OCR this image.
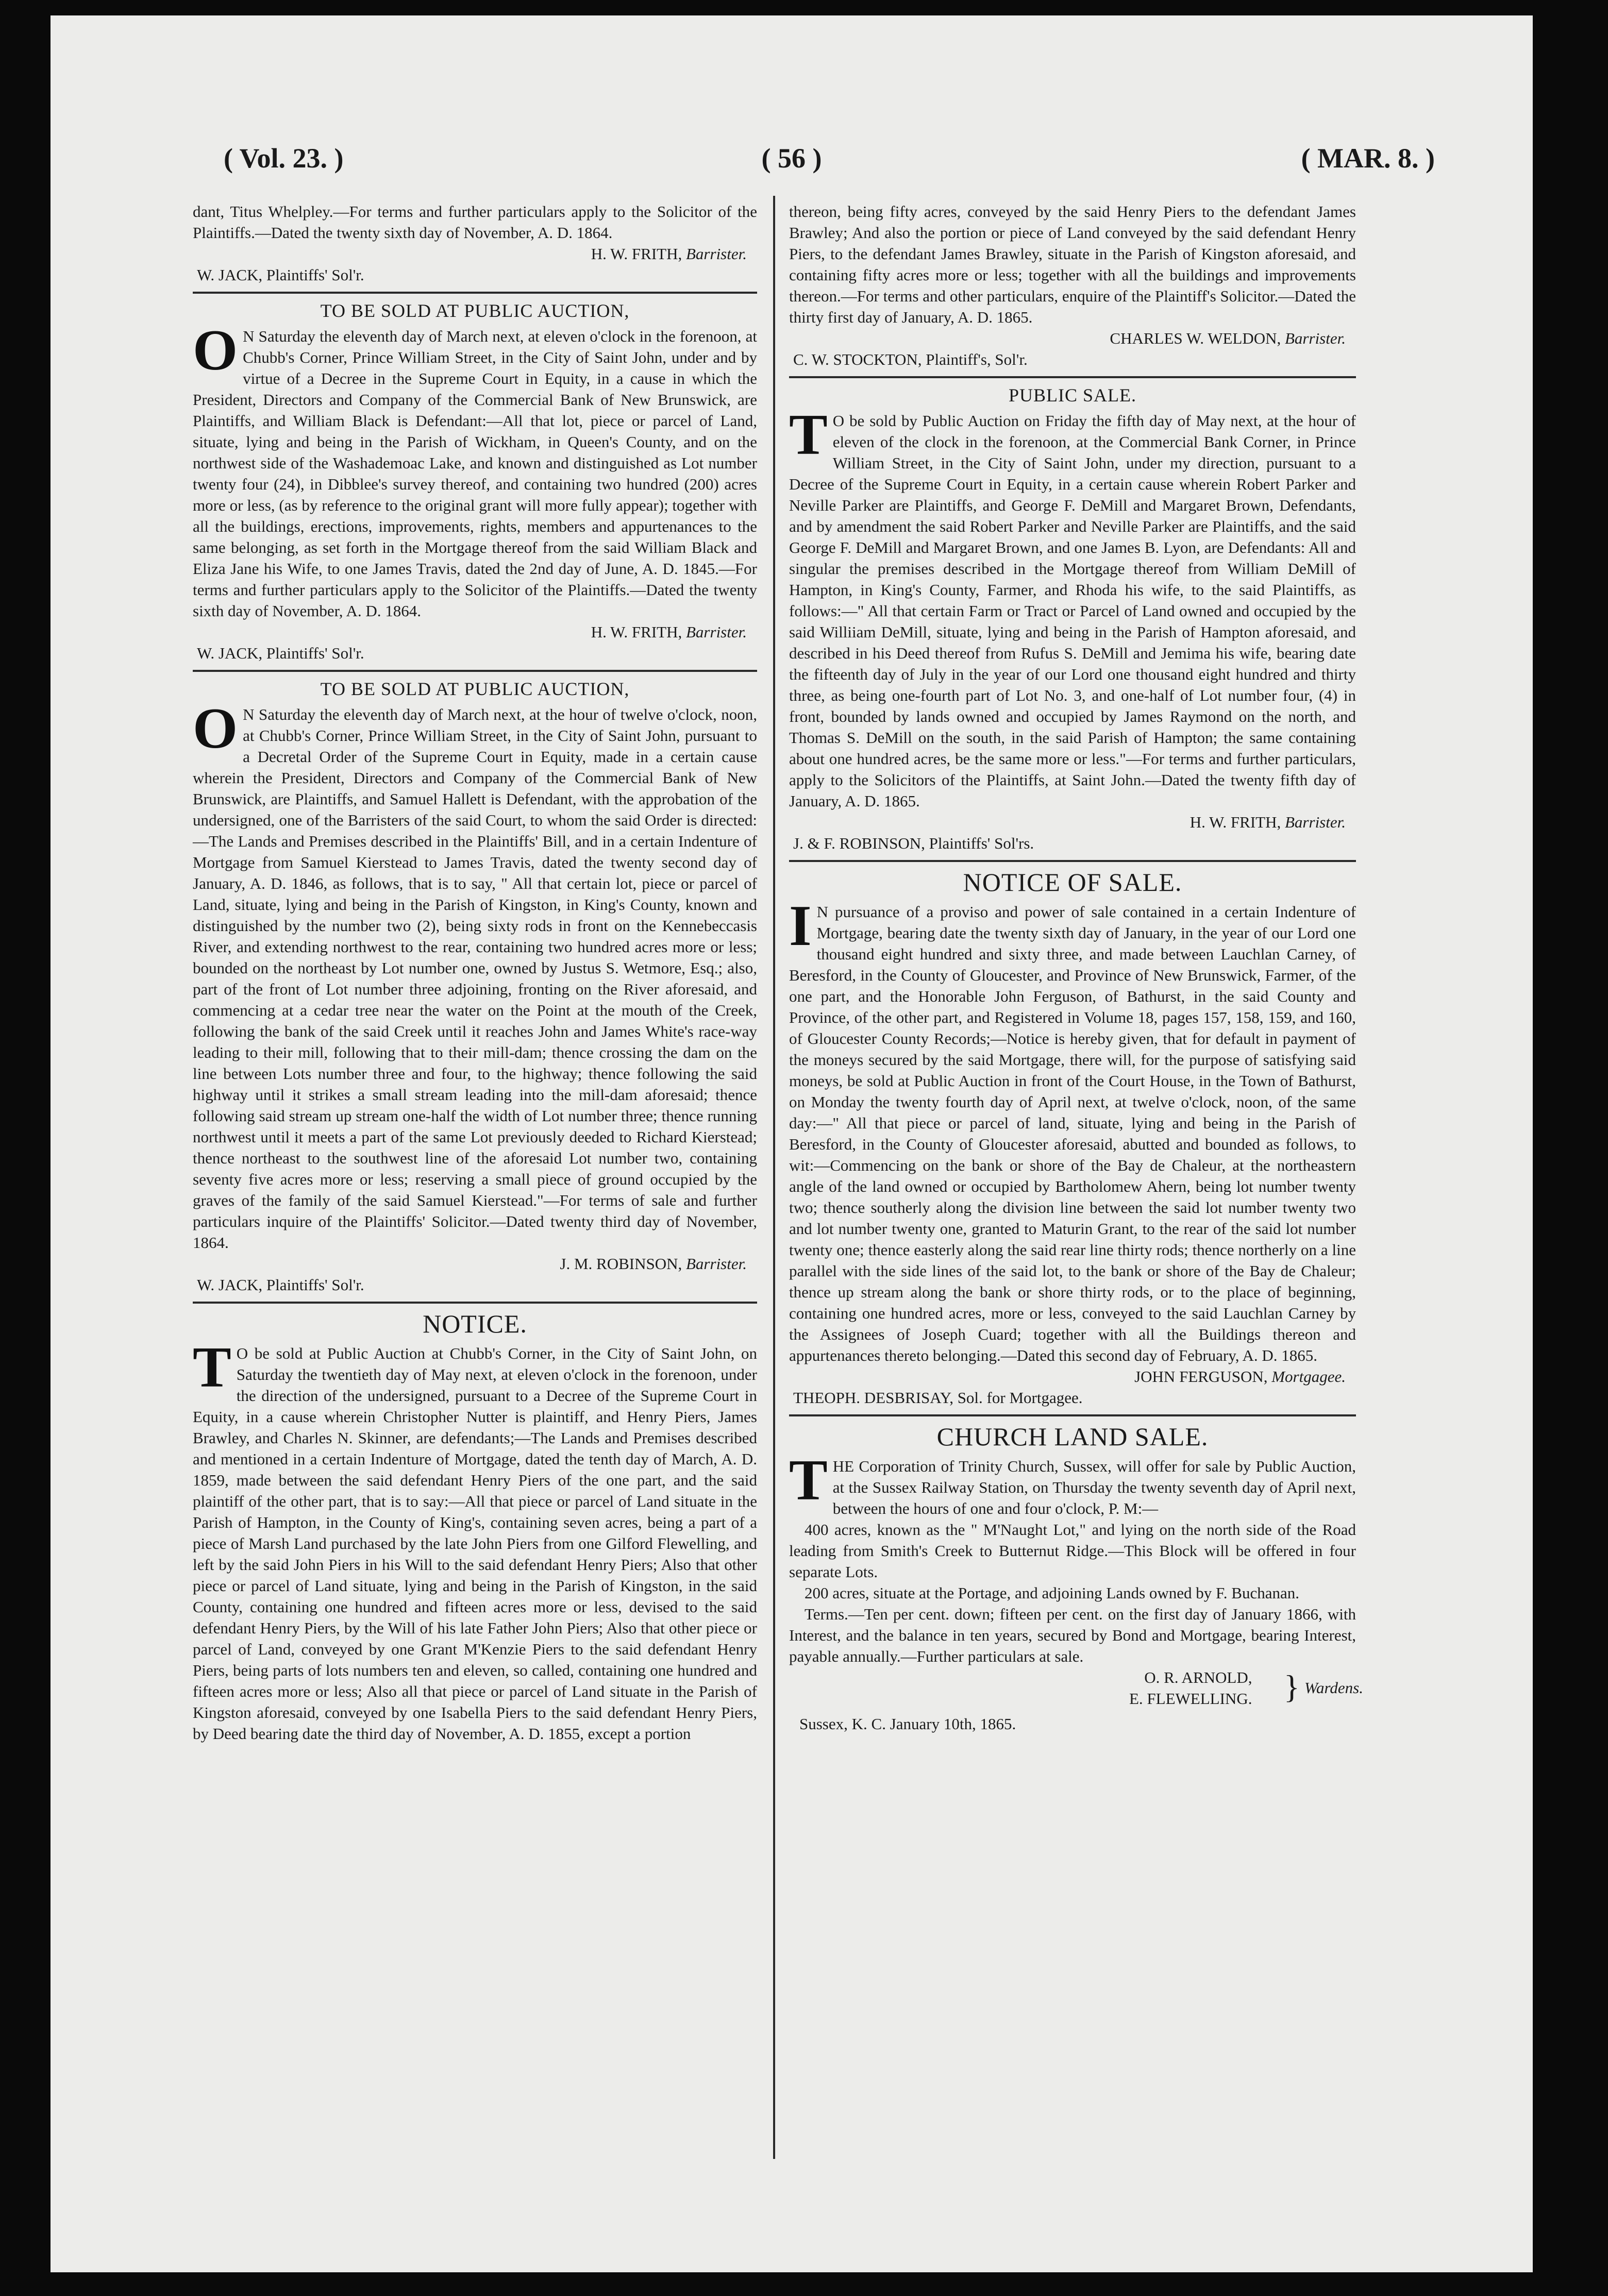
( Vol. 23. )	( 56 )	( MAR. 8. )

dant, Titus Whelpley.—For terms and further particulars apply to the Solicitor of the Plaintiffs.—Dated the twenty sixth day of November, A. D. 1864.

H. W. FRITH, Barrister.
W. JACK, Plaintiffs' Sol'r.
TO BE SOLD AT PUBLIC AUCTION,
O N Saturday the eleventh day of March next, at eleven o'clock in the forenoon, at Chubb's Corner, Prince William Street, in the City of Saint John, under and by virtue of a Decree in the Supreme Court in Equity, in a cause in which the President, Directors and Company of the Commercial Bank of New Brunswick, are Plaintiffs, and William Black is Defendant:—All that lot, piece or parcel of Land, situate, lying and being in the Parish of Wickham, in Queen's County, and on the northwest side of the Washademoac Lake, and known and distinguished as Lot number twenty four (24), in Dibblee's survey thereof, and containing two hundred (200) acres more or less, (as by reference to the original grant will more fully appear); together with all the buildings, erections, improvements, rights, members and appurtenances to the same belonging, as set forth in the Mortgage thereof from the said William Black and Eliza Jane his Wife, to one James Travis, dated the 2nd day of June, A. D. 1845.—For terms and further particulars apply to the Solicitor of the Plaintiffs.—Dated the twenty sixth day of November, A. D. 1864.

H. W. FRITH, Barrister.
W. JACK, Plaintiffs' Sol'r.
TO BE SOLD AT PUBLIC AUCTION,
O N Saturday the eleventh day of March next, at the hour of twelve o'clock, noon, at Chubb's Corner, Prince William Street, in the City of Saint John, pursuant to a Decretal Order of the Supreme Court in Equity, made in a certain cause wherein the President, Directors and Company of the Commercial Bank of New Brunswick, are Plaintiffs, and Samuel Hallett is Defendant, with the approbation of the undersigned, one of the Barristers of the said Court, to whom the said Order is directed:—The Lands and Premises described in the Plaintiffs' Bill, and in a certain Indenture of Mortgage from Samuel Kierstead to James Travis, dated the twenty second day of January, A. D. 1846, as follows, that is to say, " All that certain lot, piece or parcel of Land, situate, lying and being in the Parish of Kingston, in King's County, known and distinguished by the number two (2), being sixty rods in front on the Kennebeccasis River, and extending northwest to the rear, containing two hundred acres more or less; bounded on the northeast by Lot number one, owned by Justus S. Wetmore, Esq.; also, part of the front of Lot number three adjoining, fronting on the River aforesaid, and commencing at a cedar tree near the water on the Point at the mouth of the Creek, following the bank of the said Creek until it reaches John and James White's race-way leading to their mill, following that to their mill-dam; thence crossing the dam on the line between Lots number three and four, to the highway; thence following the said highway until it strikes a small stream leading into the mill-dam aforesaid; thence following said stream up stream one-half the width of Lot number three; thence running northwest until it meets a part of the same Lot previously deeded to Richard Kierstead; thence northeast to the southwest line of the aforesaid Lot number two, containing seventy five acres more or less; reserving a small piece of ground occupied by the graves of the family of the said Samuel Kierstead."—For terms of sale and further particulars inquire of the Plaintiffs' Solicitor.—Dated twenty third day of November, 1864.

J. M. ROBINSON, Barrister.
W. JACK, Plaintiffs' Sol'r.
NOTICE.
T O be sold at Public Auction at Chubb's Corner, in the City of Saint John, on Saturday the twentieth day of May next, at eleven o'clock in the forenoon, under the direction of the undersigned, pursuant to a Decree of the Supreme Court in Equity, in a cause wherein Christopher Nutter is plaintiff, and Henry Piers, James Brawley, and Charles N. Skinner, are defendants;—The Lands and Premises described and mentioned in a certain Indenture of Mortgage, dated the tenth day of March, A. D. 1859, made between the said defendant Henry Piers of the one part, and the said plaintiff of the other part, that is to say:—All that piece or parcel of Land situate in the Parish of Hampton, in the County of King's, containing seven acres, being a part of a piece of Marsh Land purchased by the late John Piers from one Gilford Flewelling, and left by the said John Piers in his Will to the said defendant Henry Piers; Also that other piece or parcel of Land situate, lying and being in the Parish of Kingston, in the said County, containing one hundred and fifteen acres more or less, devised to the said defendant Henry Piers, by the Will of his late Father John Piers; Also that other piece or parcel of Land, conveyed by one Grant M'Kenzie Piers to the said defendant Henry Piers, being parts of lots numbers ten and eleven, so called, containing one hundred and fifteen acres more or less; Also all that piece or parcel of Land situate in the Parish of Kingston aforesaid, conveyed by one Isabella Piers to the said defendant Henry Piers, by Deed bearing date the third day of November, A. D. 1855, except a portion

thereon, being fifty acres, conveyed by the said Henry Piers to the defendant James Brawley; And also the portion or piece of Land conveyed by the said defendant Henry Piers, to the defendant James Brawley, situate in the Parish of Kingston aforesaid, and containing fifty acres more or less; together with all the buildings and improvements thereon.—For terms and other particulars, enquire of the Plaintiff's Solicitor.—Dated the thirty first day of January, A. D. 1865.

CHARLES W. WELDON, Barrister.
C. W. STOCKTON, Plaintiff's, Sol'r.
PUBLIC SALE.
T O be sold by Public Auction on Friday the fifth day of May next, at the hour of eleven of the clock in the forenoon, at the Commercial Bank Corner, in Prince William Street, in the City of Saint John, under my direction, pursuant to a Decree of the Supreme Court in Equity, in a certain cause wherein Robert Parker and Neville Parker are Plaintiffs, and George F. DeMill and Margaret Brown, Defendants, and by amendment the said Robert Parker and Neville Parker are Plaintiffs, and the said George F. DeMill and Margaret Brown, and one James B. Lyon, are Defendants: All and singular the premises described in the Mortgage thereof from William DeMill of Hampton, in King's County, Farmer, and Rhoda his wife, to the said Plaintiffs, as follows:—" All that certain Farm or Tract or Parcel of Land owned and occupied by the said Williiam DeMill, situate, lying and being in the Parish of Hampton aforesaid, and described in his Deed thereof from Rufus S. DeMill and Jemima his wife, bearing date the fifteenth day of July in the year of our Lord one thousand eight hundred and thirty three, as being one-fourth part of Lot No. 3, and one-half of Lot number four, (4) in front, bounded by lands owned and occupied by James Raymond on the north, and Thomas S. DeMill on the south, in the said Parish of Hampton; the same containing about one hundred acres, be the same more or less."—For terms and further particulars, apply to the Solicitors of the Plaintiffs, at Saint John.—Dated the twenty fifth day of January, A. D. 1865.

H. W. FRITH, Barrister.
J. & F. ROBINSON, Plaintiffs' Sol'rs.
NOTICE OF SALE.
I N pursuance of a proviso and power of sale contained in a certain Indenture of Mortgage, bearing date the twenty sixth day of January, in the year of our Lord one thousand eight hundred and sixty three, and made between Lauchlan Carney, of Beresford, in the County of Gloucester, and Province of New Brunswick, Farmer, of the one part, and the Honorable John Ferguson, of Bathurst, in the said County and Province, of the other part, and Registered in Volume 18, pages 157, 158, 159, and 160, of Gloucester County Records;—Notice is hereby given, that for default in payment of the moneys secured by the said Mortgage, there will, for the purpose of satisfying said moneys, be sold at Public Auction in front of the Court House, in the Town of Bathurst, on Monday the twenty fourth day of April next, at twelve o'clock, noon, of the same day:—" All that piece or parcel of land, situate, lying and being in the Parish of Beresford, in the County of Gloucester aforesaid, abutted and bounded as follows, to wit:—Commencing on the bank or shore of the Bay de Chaleur, at the northeastern angle of the land owned or occupied by Bartholomew Ahern, being lot number twenty two; thence southerly along the division line between the said lot number twenty two and lot number twenty one, granted to Maturin Grant, to the rear of the said lot number twenty one; thence easterly along the said rear line thirty rods; thence northerly on a line parallel with the side lines of the said lot, to the bank or shore of the Bay de Chaleur; thence up stream along the bank or shore thirty rods, or to the place of beginning, containing one hundred acres, more or less, conveyed to the said Lauchlan Carney by the Assignees of Joseph Cuard; together with all the Buildings thereon and appurtenances thereto belonging.—Dated this second day of February, A. D. 1865.

JOHN FERGUSON, Mortgagee.
THEOPH. DESBRISAY, Sol. for Mortgagee.
CHURCH LAND SALE.
T HE Corporation of Trinity Church, Sussex, will offer for sale by Public Auction, at the Sussex Railway Station, on Thursday the twenty seventh day of April next, between the hours of one and four o'clock, P. M:—

400 acres, known as the " M'Naught Lot," and lying on the north side of the Road leading from Smith's Creek to Butternut Ridge.—This Block will be offered in four separate Lots.

200 acres, situate at the Portage, and adjoining Lands owned by F. Buchanan.

Terms.—Ten per cent. down; fifteen per cent. on the first day of January 1866, with Interest, and the balance in ten years, secured by Bond and Mortgage, bearing Interest, payable annually.—Further particulars at sale.

O. R. ARNOLD,
E. FLEWELLING. } Wardens.
Sussex, K. C. January 10th, 1865.
